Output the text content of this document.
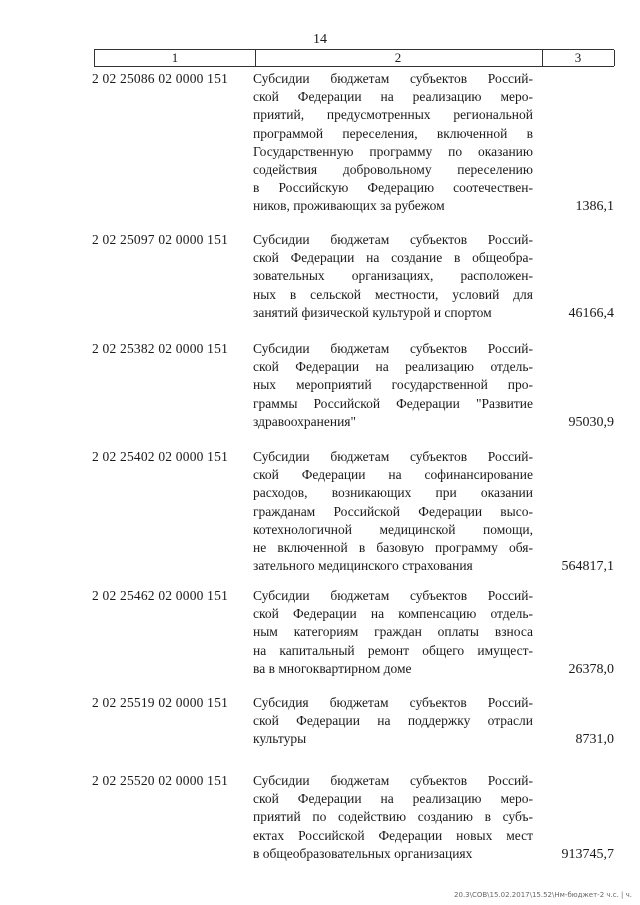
14
1	2	3
2 02 25086 02 0000 151 Субсидии бюджетам субъектов Россий-
ской Федерации на реализацию меро-
приятий, предусмотренных региональной
программой переселения, включенной в
Государственную программу по оказанию
содействия добровольному переселению
в Российскую Федерацию соотечествен-
ников, проживающих за рубежом	1386,1
2 02 25097 02 0000 151 Субсидии бюджетам субъектов Россий-
ской Федерации на создание в общеобра-
зовательных организациях, расположен-
ных в сельской местности, условий для
занятий физической культурой и спортом	46166,4
2 02 25382 02 0000 151 Субсидии бюджетам субъектов Россий-
ской Федерации на реализацию отдель-
ных мероприятий государственной про-
граммы Российской Федерации "Развитие
здравоохранения"	95030,9
2 02 25402 02 0000 151 Субсидии бюджетам субъектов Россий-
ской Федерации на софинансирование
расходов, возникающих при оказании
гражданам Российской Федерации высо-
котехнологичной медицинской помощи,
не включенной в базовую программу обя-
зательного медицинского страхования	564817,1
2 02 25462 02 0000 151 Субсидии бюджетам субъектов Россий-
ской Федерации на компенсацию отдель-
ным категориям граждан оплаты взноса
на капитальный ремонт общего имущест-
ва в многоквартирном доме	26378,0
2 02 25519 02 0000 151 Субсидия бюджетам субъектов Россий-
ской Федерации на поддержку отрасли
культуры	8731,0
2 02 25520 02 0000 151 Субсидии бюджетам субъектов Россий-
ской Федерации на реализацию меро-
приятий по содействию созданию в субъ-
ектах Российской Федерации новых мест
в общеобразовательных организациях	913745,7
20.3\СОВ\15.02.2017\15.52\Нм-бюджет-2 ч.с. | ч.
